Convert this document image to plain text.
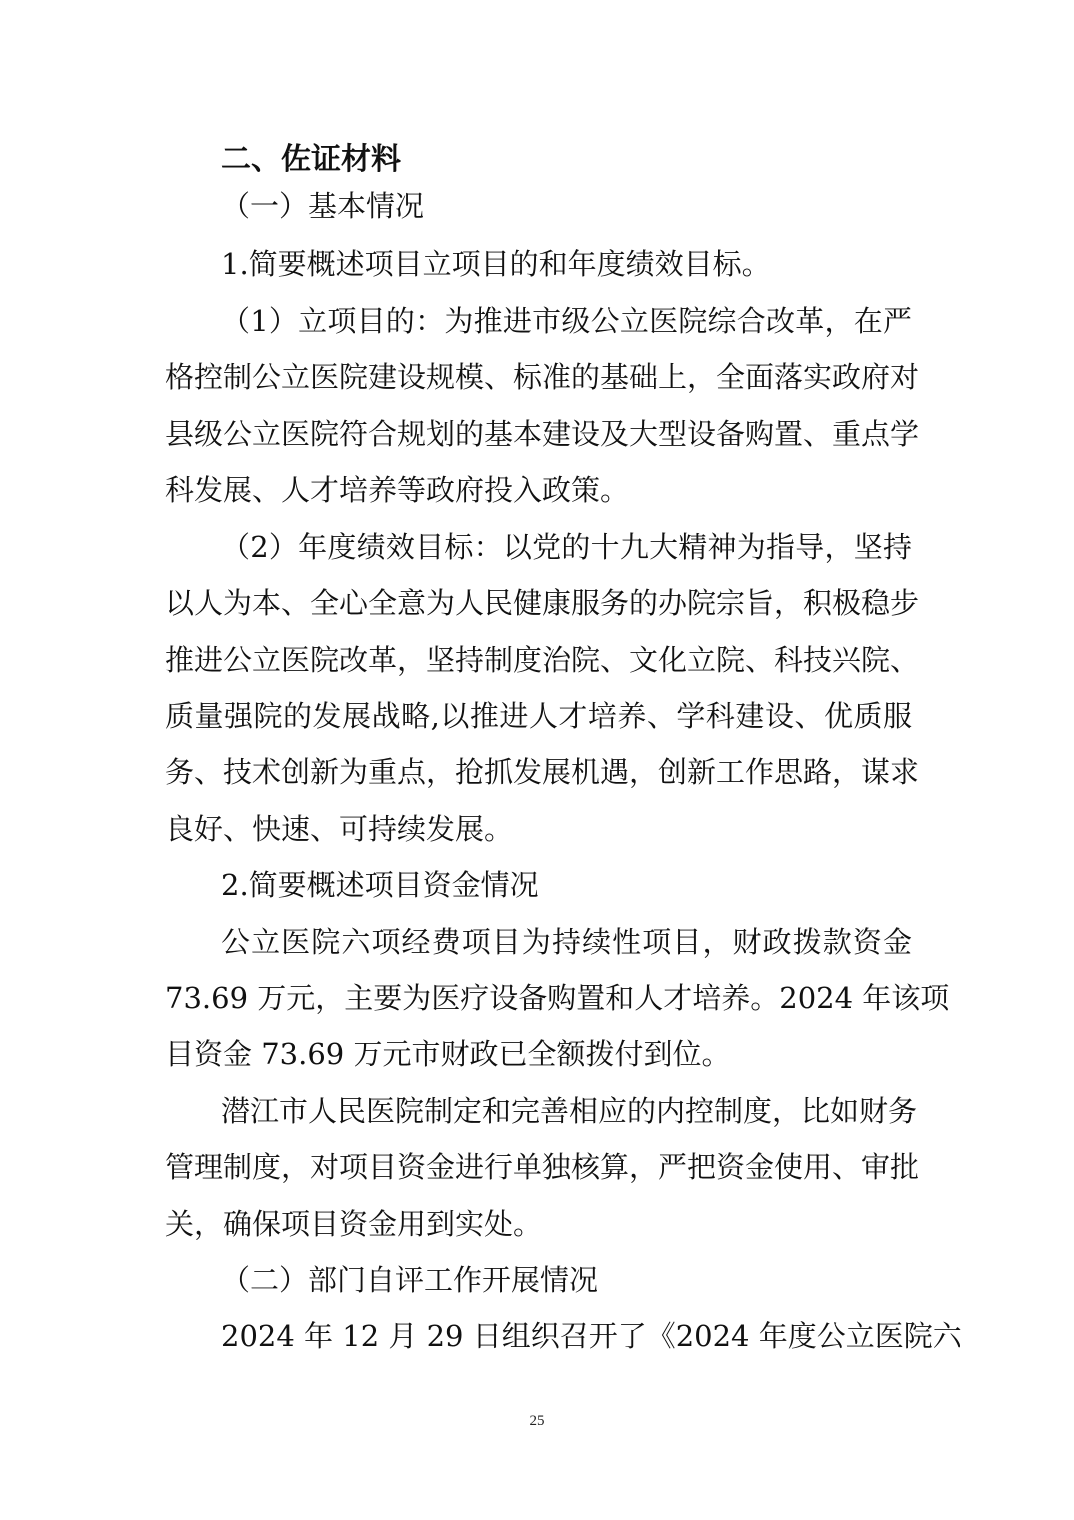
二、佐证材料
（一）基本情况
1.简要概述项目立项目的和年度绩效目标。
（1）立项目的：为推进市级公立医院综合改革，在严
格控制公立医院建设规模、标准的基础上，全面落实政府对
县级公立医院符合规划的基本建设及大型设备购置、重点学
科发展、人才培养等政府投入政策。
（2）年度绩效目标：以党的十九大精神为指导，坚持
以人为本、全心全意为人民健康服务的办院宗旨，积极稳步
推进公立医院改革，坚持制度治院、文化立院、科技兴院、
质量强院的发展战略,以推进人才培养、学科建设、优质服
务、技术创新为重点，抢抓发展机遇，创新工作思路，谋求
良好、快速、可持续发展。
2.简要概述项目资金情况
公立医院六项经费项目为持续性项目，财政拨款资金
73.69 万元，主要为医疗设备购置和人才培养。2024 年该项
目资金 73.69 万元市财政已全额拨付到位。
潜江市人民医院制定和完善相应的内控制度，比如财务
管理制度，对项目资金进行单独核算，严把资金使用、审批
关，确保项目资金用到实处。
（二）部门自评工作开展情况
2024 年 12 月 29 日组织召开了《2024 年度公立医院六
25
